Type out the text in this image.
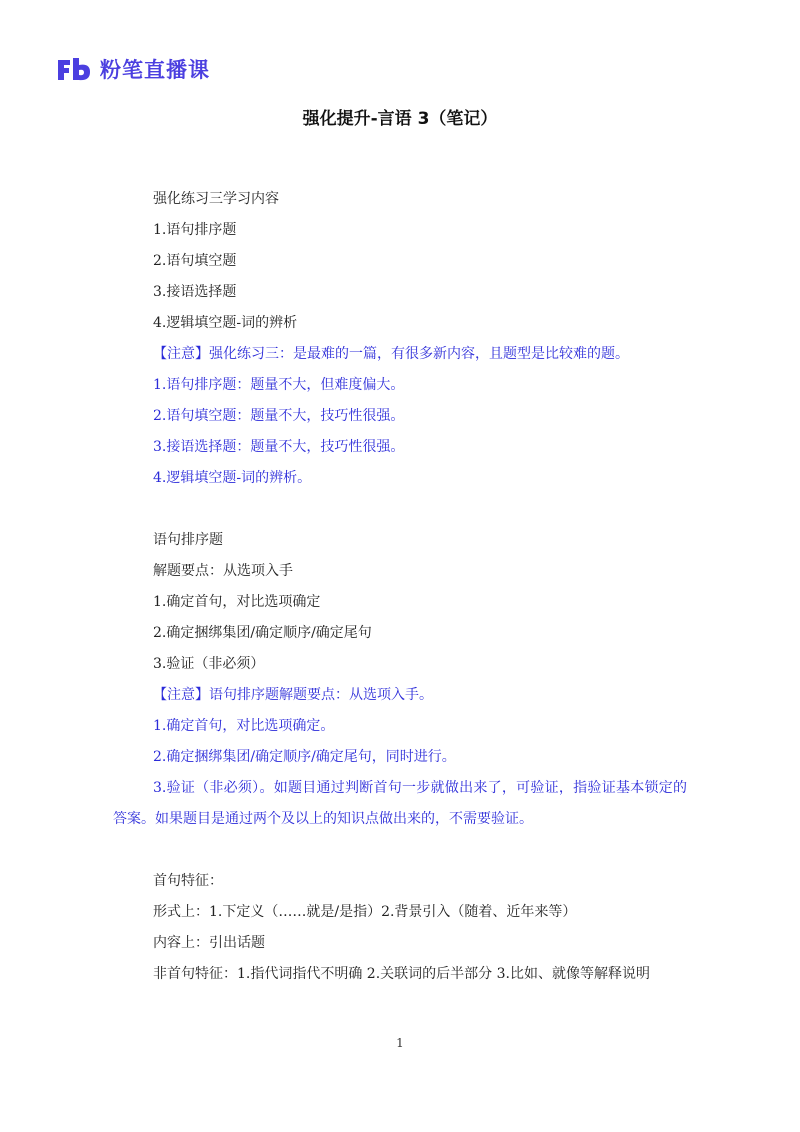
粉笔直播课
强化提升-言语 3（笔记）
强化练习三学习内容
1.语句排序题
2.语句填空题
3.接语选择题
4.逻辑填空题-词的辨析
【注意】强化练习三：是最难的一篇，有很多新内容，且题型是比较难的题。
1.语句排序题：题量不大，但难度偏大。
2.语句填空题：题量不大，技巧性很强。
3.接语选择题：题量不大，技巧性很强。
4.逻辑填空题-词的辨析。
语句排序题
解题要点：从选项入手
1.确定首句，对比选项确定
2.确定捆绑集团/确定顺序/确定尾句
3.验证（非必须）
【注意】语句排序题解题要点：从选项入手。
1.确定首句，对比选项确定。
2.确定捆绑集团/确定顺序/确定尾句，同时进行。
3.验证（非必须）。如题目通过判断首句一步就做出来了，可验证，指验证基本锁定的答案。如果题目是通过两个及以上的知识点做出来的，不需要验证。
首句特征：
形式上：1.下定义（……就是/是指）2.背景引入（随着、近年来等）
内容上：引出话题
非首句特征：1.指代词指代不明确 2.关联词的后半部分 3.比如、就像等解释说明
1
